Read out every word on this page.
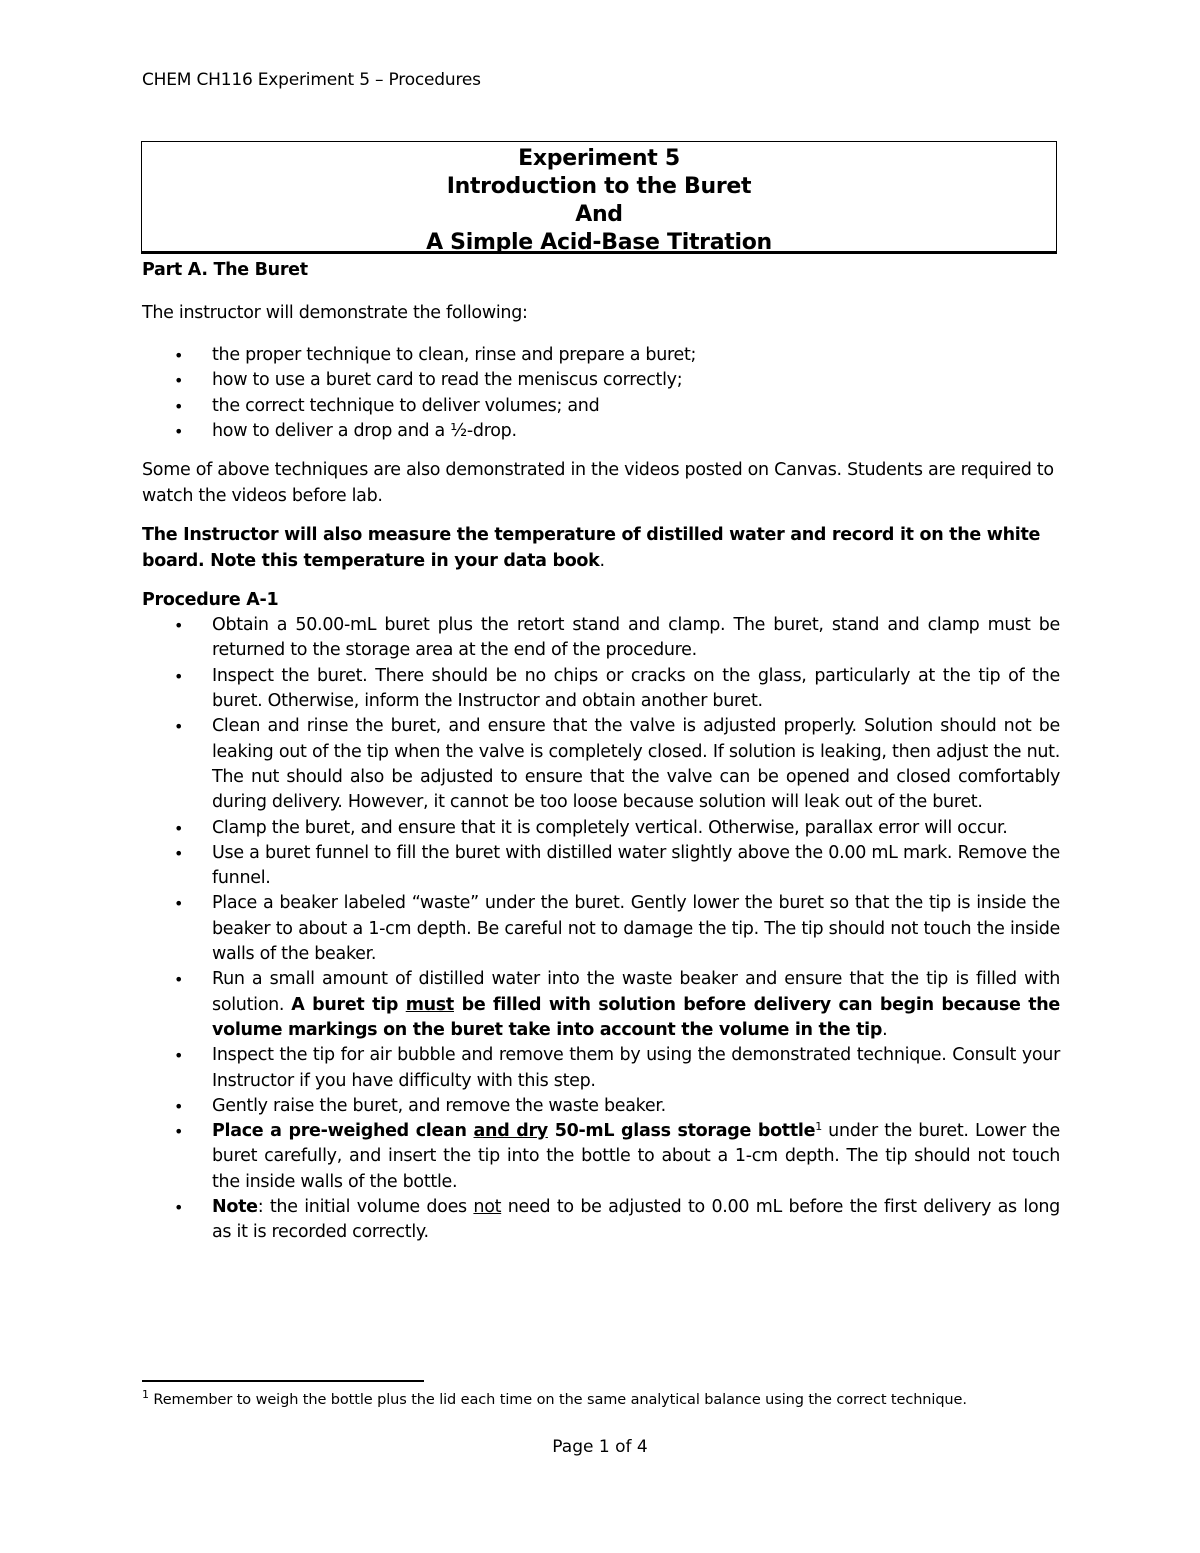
CHEM CH116 Experiment 5 – Procedures
Experiment 5
Introduction to the Buret
And
A Simple Acid-Base Titration
Part A. The Buret

The instructor will demonstrate the following:

• the proper technique to clean, rinse and prepare a buret;
• how to use a buret card to read the meniscus correctly;
• the correct technique to deliver volumes; and
• how to deliver a drop and a ½-drop.

Some of above techniques are also demonstrated in the videos posted on Canvas. Students are required to watch the videos before lab.

The Instructor will also measure the temperature of distilled water and record it on the white board. Note this temperature in your data book.

Procedure A-1
• Obtain a 50.00-mL buret plus the retort stand and clamp. The buret, stand and clamp must be returned to the storage area at the end of the procedure.
• Inspect the buret. There should be no chips or cracks on the glass, particularly at the tip of the buret. Otherwise, inform the Instructor and obtain another buret.
• Clean and rinse the buret, and ensure that the valve is adjusted properly. Solution should not be leaking out of the tip when the valve is completely closed. If solution is leaking, then adjust the nut. The nut should also be adjusted to ensure that the valve can be opened and closed comfortably during delivery. However, it cannot be too loose because solution will leak out of the buret.
• Clamp the buret, and ensure that it is completely vertical. Otherwise, parallax error will occur.
• Use a buret funnel to fill the buret with distilled water slightly above the 0.00 mL mark. Remove the funnel.
• Place a beaker labeled “waste” under the buret. Gently lower the buret so that the tip is inside the beaker to about a 1-cm depth. Be careful not to damage the tip. The tip should not touch the inside walls of the beaker.
• Run a small amount of distilled water into the waste beaker and ensure that the tip is filled with solution. A buret tip must be filled with solution before delivery can begin because the volume markings on the buret take into account the volume in the tip.
• Inspect the tip for air bubble and remove them by using the demonstrated technique. Consult your Instructor if you have difficulty with this step.
• Gently raise the buret, and remove the waste beaker.
• Place a pre-weighed clean and dry 50-mL glass storage bottle$^1$ under the buret. Lower the buret carefully, and insert the tip into the bottle to about a 1-cm depth. The tip should not touch the inside walls of the bottle.
• Note: the initial volume does not need to be adjusted to 0.00 mL before the first delivery as long as it is recorded correctly.
$^1$ Remember to weigh the bottle plus the lid each time on the same analytical balance using the correct technique.
Page 1 of 4
